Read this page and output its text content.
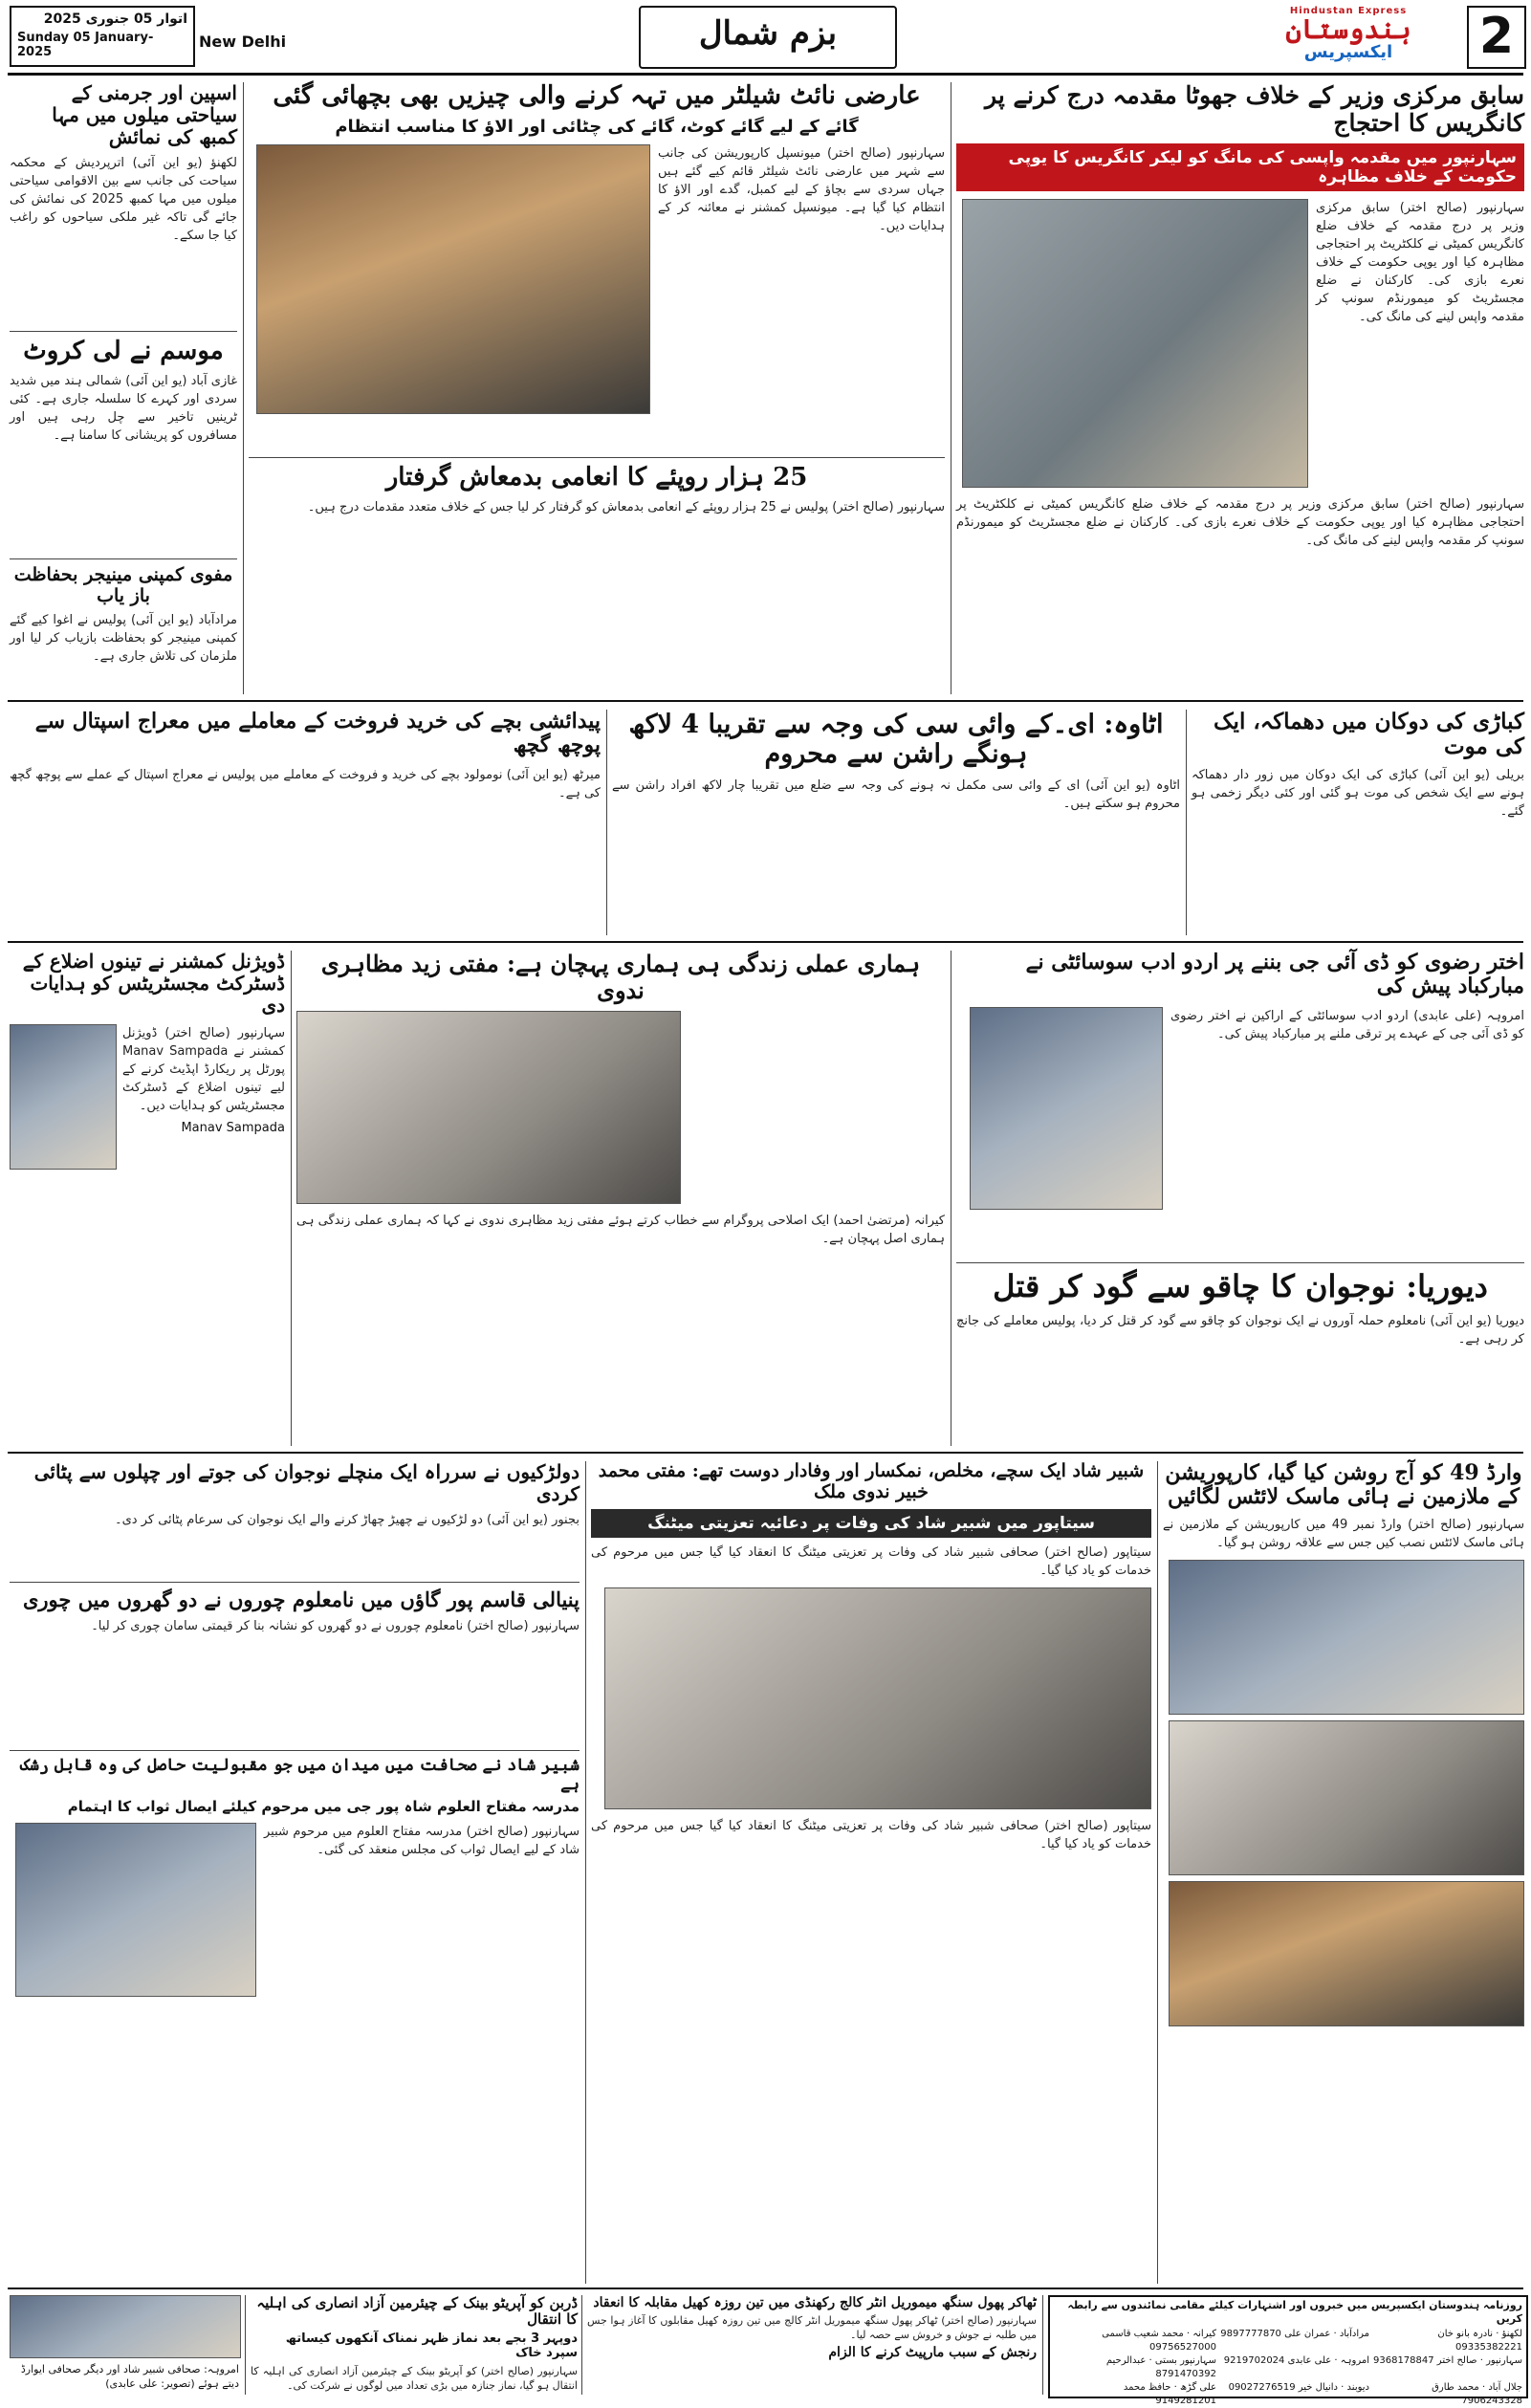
اتوار 05 جنوری 2025
Sunday 05 January-2025
New Delhi	بزم شمال
Hindustan Express
ہندوستان
ایکسپریس	2
سابق مرکزی وزیر کے خلاف جھوٹا مقدمہ درج کرنے پر کانگریس کا احتجاج
سہارنپور میں مقدمہ واپسی کی مانگ کو لیکر کانگریس کا یوپی حکومت کے خلاف مظاہرہ
سہارنپور (صالح اختر) سابق مرکزی وزیر پر درج مقدمہ کے خلاف ضلع کانگریس کمیٹی نے کلکٹریٹ پر احتجاجی مظاہرہ کیا اور یوپی حکومت کے خلاف نعرے بازی کی۔ کارکنان نے ضلع مجسٹریٹ کو میمورنڈم سونپ کر مقدمہ واپس لینے کی مانگ کی۔
سہارنپور (صالح اختر) سابق مرکزی وزیر پر درج مقدمہ کے خلاف ضلع کانگریس کمیٹی نے کلکٹریٹ پر احتجاجی مظاہرہ کیا اور یوپی حکومت کے خلاف نعرے بازی کی۔ کارکنان نے ضلع مجسٹریٹ کو میمورنڈم سونپ کر مقدمہ واپس لینے کی مانگ کی۔
عارضی نائٹ شیلٹر میں تہہ کرنے والی چیزیں بھی بچھائی گئی
گائے کے لیے گائے کوٹ، گائے کی چٹائی اور الاؤ کا مناسب انتظام
سہارنپور (صالح اختر) میونسپل کارپوریشن کی جانب سے شہر میں عارضی نائٹ شیلٹر قائم کیے گئے ہیں جہاں سردی سے بچاؤ کے لیے کمبل، گدے اور الاؤ کا انتظام کیا گیا ہے۔ میونسپل کمشنر نے معائنہ کر کے ہدایات دیں۔
25 ہزار روپئے کا انعامی بدمعاش گرفتار
سہارنپور (صالح اختر) پولیس نے 25 ہزار روپئے کے انعامی بدمعاش کو گرفتار کر لیا جس کے خلاف متعدد مقدمات درج ہیں۔
اسپین اور جرمنی کے سیاحتی میلوں میں مہا کمبھ کی نمائش
لکھنؤ (یو این آئی) اترپردیش کے محکمہ سیاحت کی جانب سے بین الاقوامی سیاحتی میلوں میں مہا کمبھ 2025 کی نمائش کی جائے گی تاکہ غیر ملکی سیاحوں کو راغب کیا جا سکے۔
موسم نے لی کروٹ
غازی آباد (یو این آئی) شمالی ہند میں شدید سردی اور کہرے کا سلسلہ جاری ہے۔ کئی ٹرینیں تاخیر سے چل رہی ہیں اور مسافروں کو پریشانی کا سامنا ہے۔
مفوی کمپنی مینیجر بحفاظت باز یاب
مرادآباد (یو این آئی) پولیس نے اغوا کیے گئے کمپنی مینیجر کو بحفاظت بازیاب کر لیا اور ملزمان کی تلاش جاری ہے۔
کباڑی کی دوکان میں دھماکہ، ایک کی موت
بریلی (یو این آئی) کباڑی کی ایک دوکان میں زور دار دھماکہ ہونے سے ایک شخص کی موت ہو گئی اور کئی دیگر زخمی ہو گئے۔
اٹاوہ: ای۔کے وائی سی کی وجہ سے تقریبا 4 لاکھ ہونگے راشن سے محروم
اٹاوہ (یو این آئی) ای کے وائی سی مکمل نہ ہونے کی وجہ سے ضلع میں تقریبا چار لاکھ افراد راشن سے محروم ہو سکتے ہیں۔
پیدائشی بچے کی خرید فروخت کے معاملے میں معراج اسپتال سے پوچھ گچھ
میرٹھ (یو این آئی) نومولود بچے کی خرید و فروخت کے معاملے میں پولیس نے معراج اسپتال کے عملے سے پوچھ گچھ کی ہے۔
اختر رضوی کو ڈی آئی جی بننے پر اردو ادب سوسائٹی نے مبارکباد پیش کی
امروہہ (علی عابدی) اردو ادب سوسائٹی کے اراکین نے اختر رضوی کو ڈی آئی جی کے عہدے پر ترقی ملنے پر مبارکباد پیش کی۔
دیوریا: نوجوان کا چاقو سے گود کر قتل
دیوریا (یو این آئی) نامعلوم حملہ آوروں نے ایک نوجوان کو چاقو سے گود کر قتل کر دیا، پولیس معاملے کی جانچ کر رہی ہے۔
ہماری عملی زندگی ہی ہماری پہچان ہے: مفتی زید مظاہری ندوی
کیرانہ (مرتضیٰ احمد) ایک اصلاحی پروگرام سے خطاب کرتے ہوئے مفتی زید مظاہری ندوی نے کہا کہ ہماری عملی زندگی ہی ہماری اصل پہچان ہے۔
ڈویژنل کمشنر نے تینوں اضلاع کے ڈسٹرکٹ مجسٹریٹس کو ہدایات دی
سہارنپور (صالح اختر) ڈویژنل کمشنر نے Manav Sampada پورٹل پر ریکارڈ اپڈیٹ کرنے کے لیے تینوں اضلاع کے ڈسٹرکٹ مجسٹریٹس کو ہدایات دیں۔
Manav Sampada
وارڈ 49 کو آج روشن کیا گیا، کارپوریشن کے ملازمین نے ہائی ماسک لائٹس لگائیں
سہارنپور (صالح اختر) وارڈ نمبر 49 میں کارپوریشن کے ملازمین نے ہائی ماسک لائٹس نصب کیں جس سے علاقہ روشن ہو گیا۔
شبیر شاد ایک سچے، مخلص، نمکسار اور وفادار دوست تھے: مفتی محمد خبیر ندوی ملک
سیتاپور میں شبیر شاد کی وفات پر دعائیہ تعزیتی میٹنگ
سیتاپور (صالح اختر) صحافی شبیر شاد کی وفات پر تعزیتی میٹنگ کا انعقاد کیا گیا جس میں مرحوم کی خدمات کو یاد کیا گیا۔
سیتاپور (صالح اختر) صحافی شبیر شاد کی وفات پر تعزیتی میٹنگ کا انعقاد کیا گیا جس میں مرحوم کی خدمات کو یاد کیا گیا۔
دولڑکیوں نے سرراہ ایک منچلے نوجوان کی جوتے اور چپلوں سے پٹائی کردی
بجنور (یو این آئی) دو لڑکیوں نے چھیڑ چھاڑ کرنے والے ایک نوجوان کی سرعام پٹائی کر دی۔
پنیالی قاسم پور گاؤں میں نامعلوم چوروں نے دو گھروں میں چوری
سہارنپور (صالح اختر) نامعلوم چوروں نے دو گھروں کو نشانہ بنا کر قیمتی سامان چوری کر لیا۔
شبیر شاد نے صحافت میں میدان میں جو مقبولیت حاصل کی وہ قابل رشک ہے
مدرسہ مفتاح العلوم شاہ پور جی میں مرحوم کیلئے ایصال ثواب کا اہتمام
سہارنپور (صالح اختر) مدرسہ مفتاح العلوم میں مرحوم شبیر شاد کے لیے ایصال ثواب کی مجلس منعقد کی گئی۔
امروہہ: صحافی شبیر شاد اور دیگر صحافی ایوارڈ دیتے ہوئے (تصویر: علی عابدی)
ڈربن کو آپریٹو بینک کے چیئرمین آزاد انصاری کی اہلیہ کا انتقال
دوپہر 3 بجے بعد نماز ظہر نمناک آنکھوں کیساتھ سپرد خاک
سہارنپور (صالح اختر) کو آپریٹو بینک کے چیئرمین آزاد انصاری کی اہلیہ کا انتقال ہو گیا، نماز جنازہ میں بڑی تعداد میں لوگوں نے شرکت کی۔
ٹھاکر پھول سنگھ میموریل انٹر کالج رکھنڈی میں تین روزہ کھیل مقابلہ کا انعقاد
سہارنپور (صالح اختر) ٹھاکر پھول سنگھ میموریل انٹر کالج میں تین روزہ کھیل مقابلوں کا آغاز ہوا جس میں طلبہ نے جوش و خروش سے حصہ لیا۔
رنجش کے سبب مارپیٹ کرنے کا الزام
روزنامہ ہندوستان ایکسپریس میں خبروں اور اشتہارات کیلئے مقامی نمائندوں سے رابطہ کریں
لکھنؤ · نادرہ بانو خان 09335382221
مرادآباد · عمران علی 9897777870
کیرانہ · محمد شعیب قاسمی 09756527000
سہارنپور · صالح اختر 9368178847
امروہہ · علی عابدی 9219702024
سہارنپور بستی · عبدالرحیم 8791470392
جلال آباد · محمد طارق 7906243328
دیوبند · دانیال خیر 09027276519
علی گڑھ · حافظ محمد 9149281201
